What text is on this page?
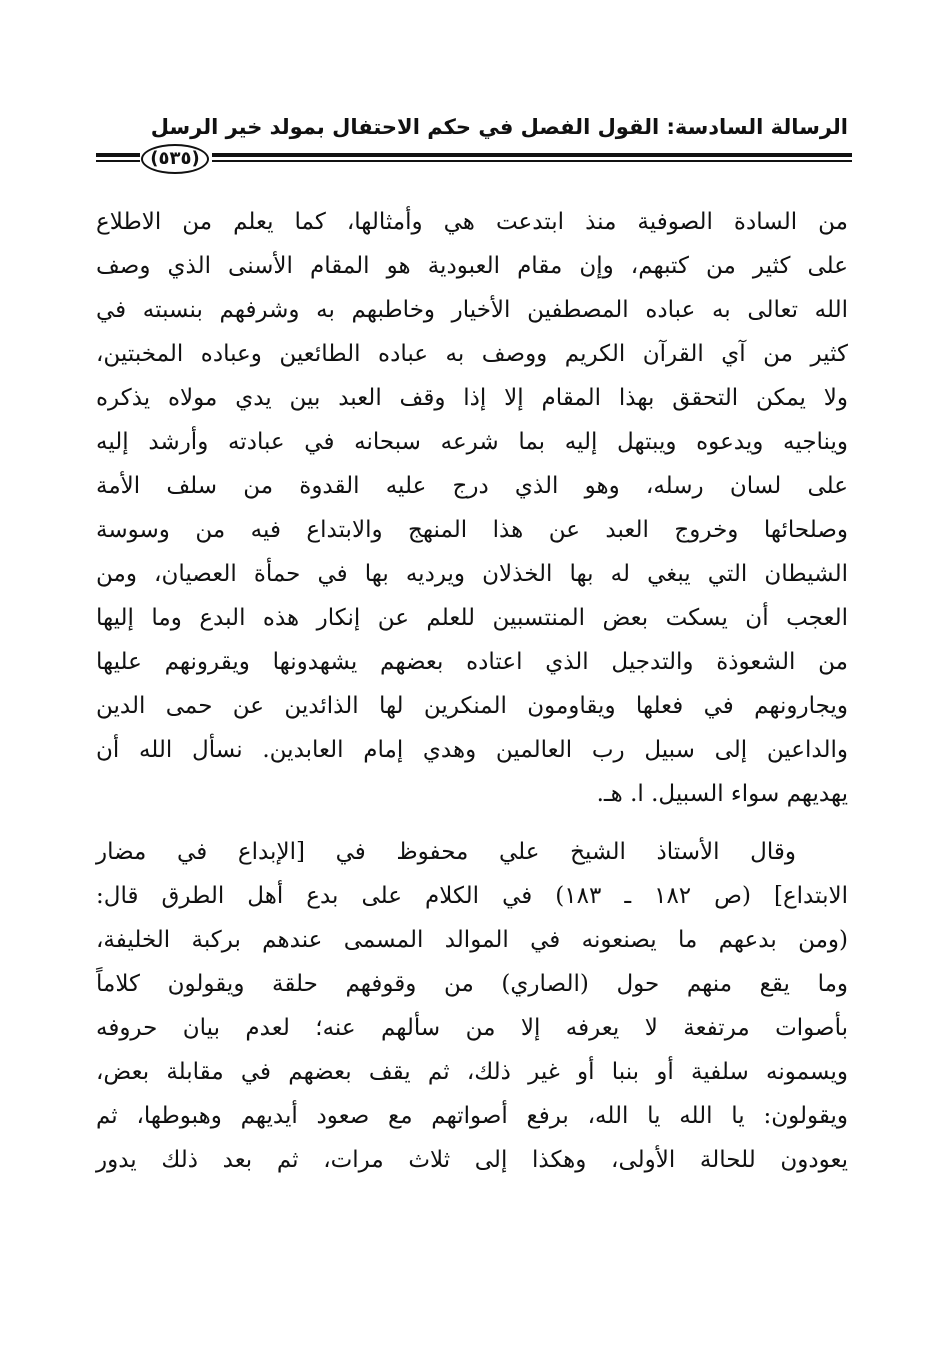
الرسالة السادسة: القول الفصل في حكم الاحتفال بمولد خير الرسل
(٥٣٥)
من السادة الصوفية منذ ابتدعت هي وأمثالها، كما يعلم من الاطلاع
على كثير من كتبهم، وإن مقام العبودية هو المقام الأسنى الذي وصف
الله تعالى به عباده المصطفين الأخيار وخاطبهم به وشرفهم بنسبته في
كثير من آي القرآن الكريم ووصف به عباده الطائعين وعباده المخبتين،
ولا يمكن التحقق بهذا المقام إلا إذا وقف العبد بين يدي مولاه يذكره
ويناجيه ويدعوه ويبتهل إليه بما شرعه سبحانه في عبادته وأرشد إليه
على لسان رسله، وهو الذي درج عليه القدوة من سلف الأمة
وصلحائها وخروج العبد عن هذا المنهج والابتداع فيه من وسوسة
الشيطان التي يبغي له بها الخذلان ويرديه بها في حمأة العصيان، ومن
العجب أن يسكت بعض المنتسبين للعلم عن إنكار هذه البدع وما إليها
من الشعوذة والتدجيل الذي اعتاده بعضهم يشهدونها ويقرونهم عليها
ويجارونهم في فعلها ويقاومون المنكرين لها الذائدين عن حمى الدين
والداعين إلى سبيل رب العالمين وهدي إمام العابدين. نسأل الله أن
يهديهم سواء السبيل. ا. هـ.
وقال الأستاذ الشيخ علي محفوظ في [الإبداع في مضار
الابتداع] (ص ١٨٢ ـ ١٨٣) في الكلام على بدع أهل الطرق قال:
(ومن بدعهم ما يصنعونه في الموالد المسمى عندهم بركبة الخليفة،
وما يقع منهم حول (الصاري) من وقوفهم حلقة ويقولون كلاماً
بأصوات مرتفعة لا يعرفه إلا من سألهم عنه؛ لعدم بيان حروفه
ويسمونه سلفية أو بنبا أو غير ذلك، ثم يقف بعضهم في مقابلة بعض،
ويقولون: يا الله يا الله، برفع أصواتهم مع صعود أيديهم وهبوطها، ثم
يعودون للحالة الأولى، وهكذا إلى ثلاث مرات، ثم بعد ذلك يدور
